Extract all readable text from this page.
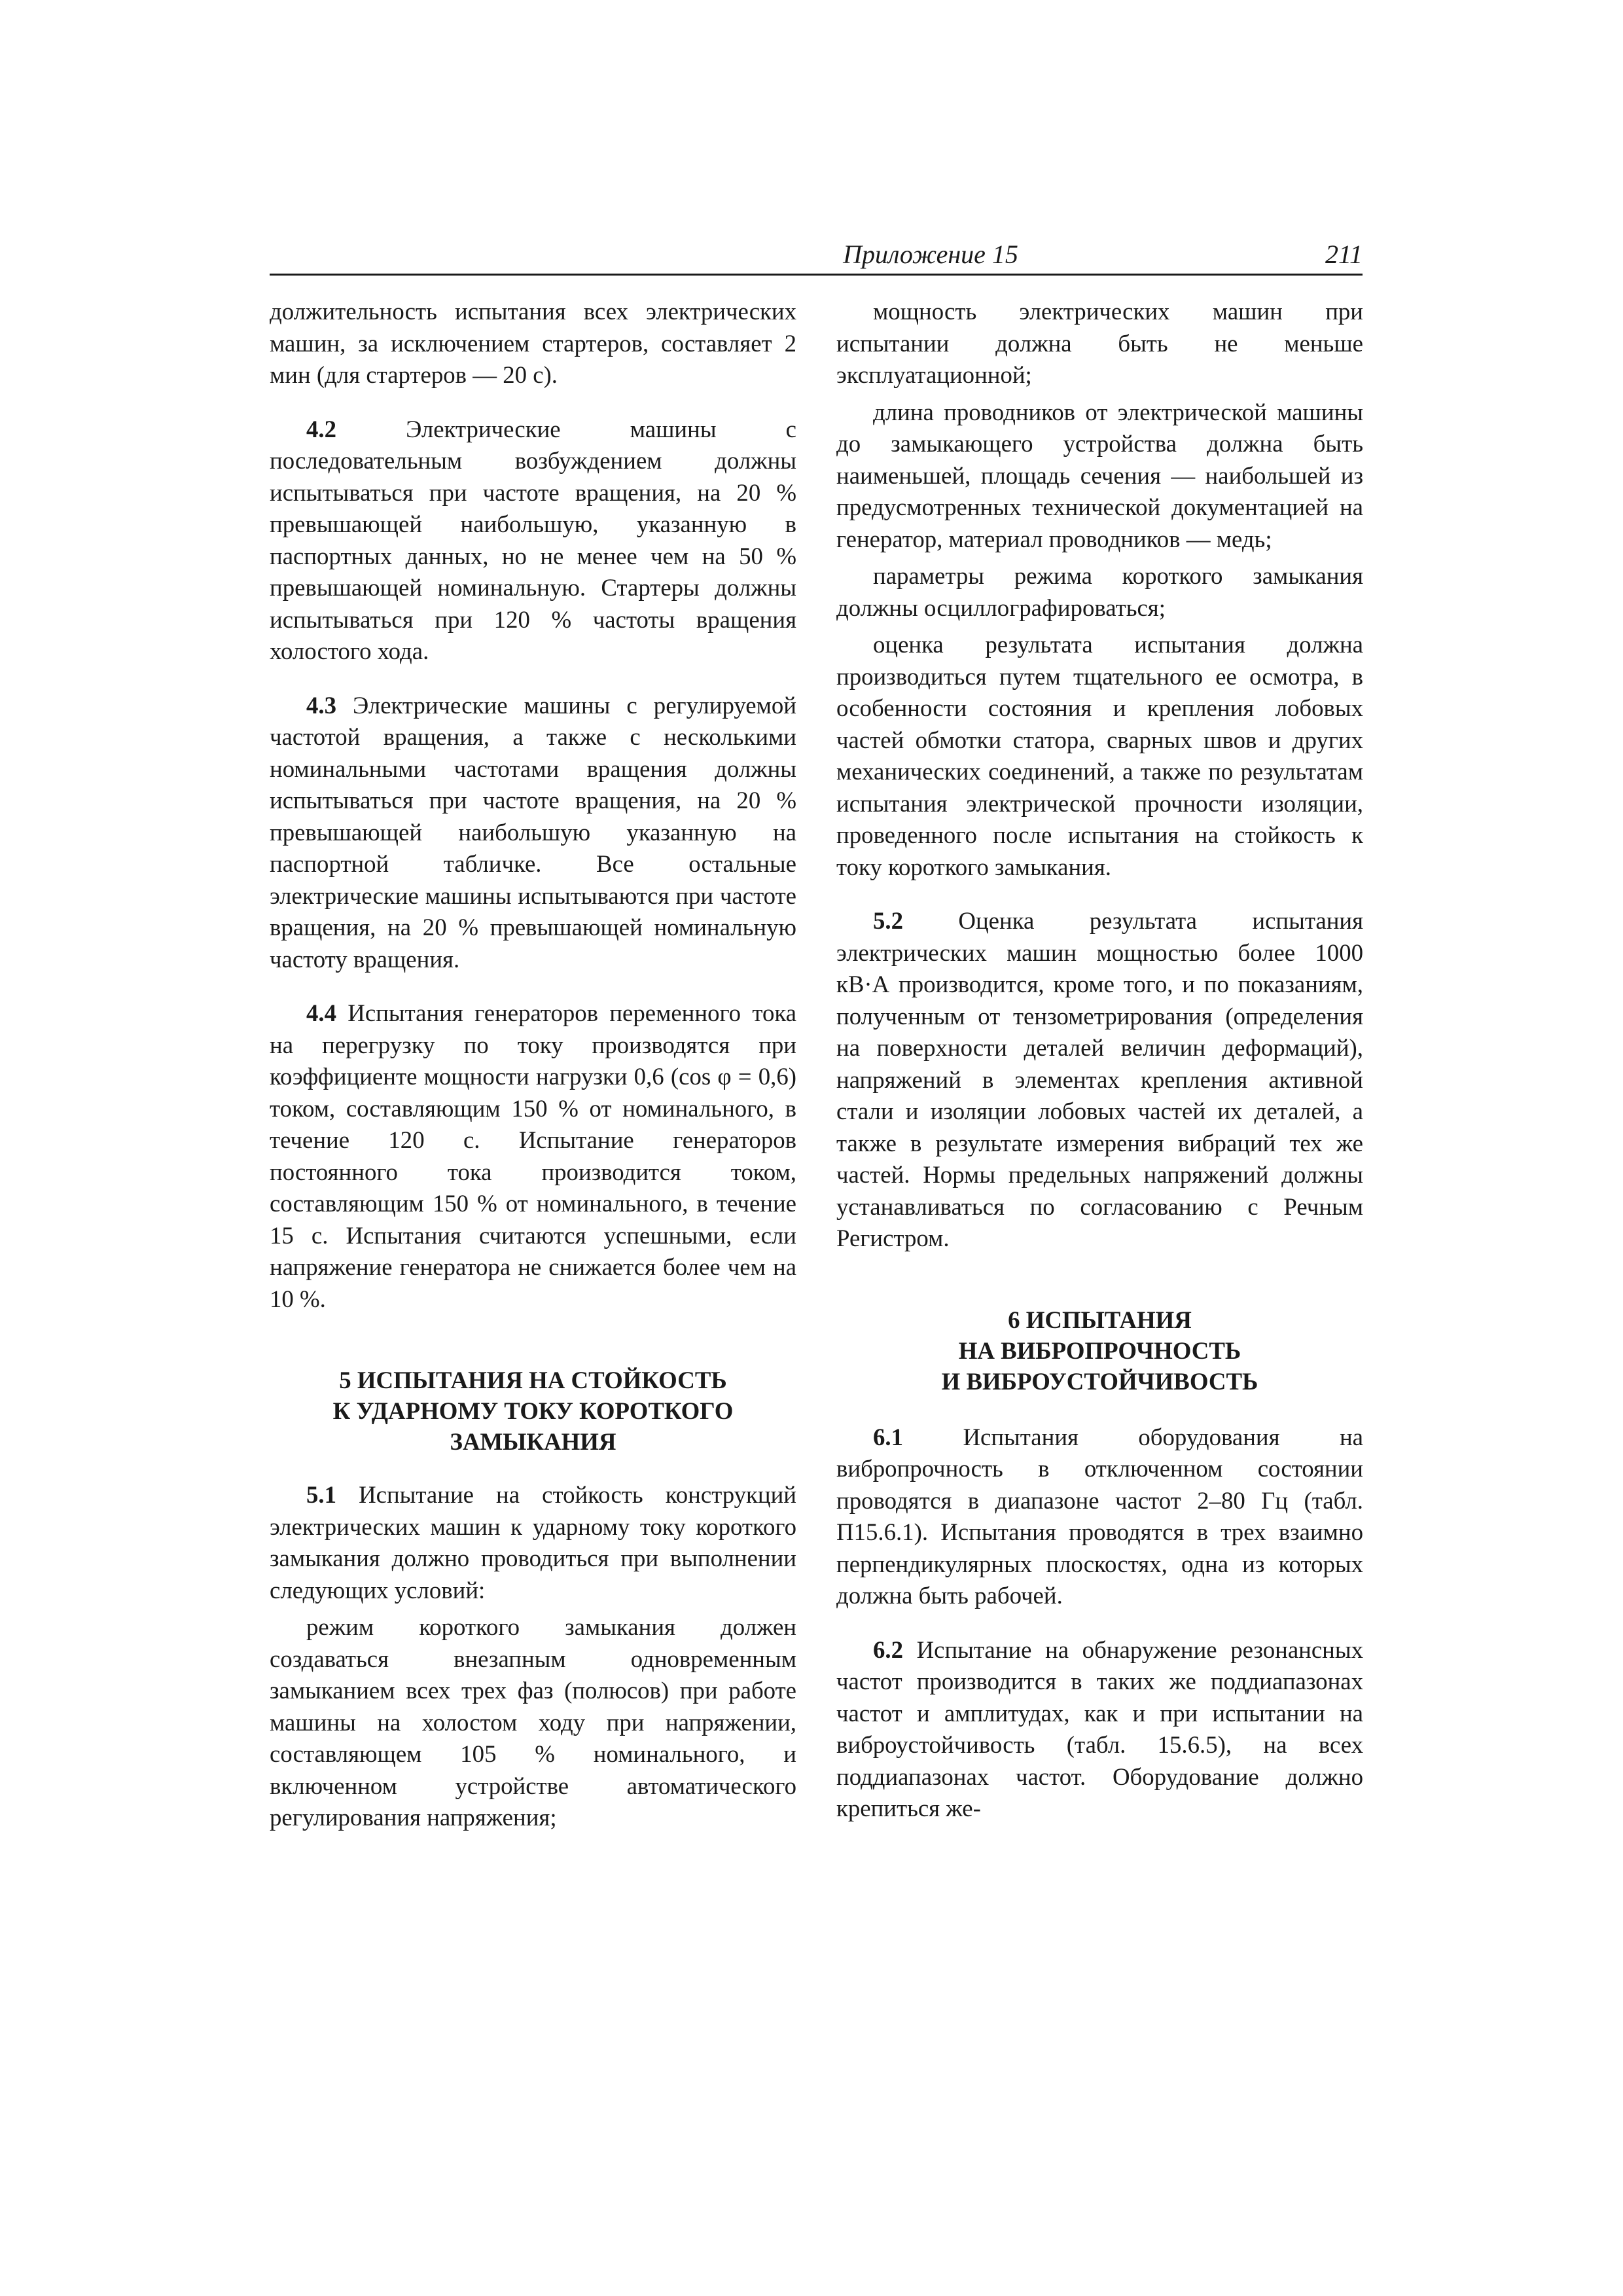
Приложение 15	211

должительность испытания всех электрических машин, за исключением стартеров, составляет 2 мин (для стартеров — 20 с).

4.2 Электрические машины с последовательным возбуждением должны испытываться при частоте вращения, на 20 % превышающей наибольшую, указанную в паспортных данных, но не менее чем на 50 % превышающей номинальную. Стартеры должны испытываться при 120 % частоты вращения холостого хода.

4.3 Электрические машины с регулируемой частотой вращения, а также с несколькими номинальными частотами вращения должны испытываться при частоте вращения, на 20 % превышающей наибольшую указанную на паспортной табличке. Все остальные электрические машины испытываются при частоте вращения, на 20 % превышающей номинальную частоту вращения.

4.4 Испытания генераторов переменного тока на перегрузку по току производятся при коэффициенте мощности нагрузки 0,6 (cos φ = 0,6) током, составляющим 150 % от номинального, в течение 120 с. Испытание генераторов постоянного тока производится током, составляющим 150 % от номинального, в течение 15 с. Испытания считаются успешными, если напряжение генератора не снижается более чем на 10 %.

5 ИСПЫТАНИЯ НА СТОЙКОСТЬ
К УДАРНОМУ ТОКУ КОРОТКОГО
ЗАМЫКАНИЯ

5.1 Испытание на стойкость конструкций электрических машин к ударному току короткого замыкания должно проводиться при выполнении следующих условий:

режим короткого замыкания должен создаваться внезапным одновременным замыканием всех трех фаз (полюсов) при работе машины на холостом ходу при напряжении, составляющем 105 % номинального, и включенном устройстве автоматического регулирования напряжения;

мощность электрических машин при испытании должна быть не меньше эксплуатационной;

длина проводников от электрической машины до замыкающего устройства должна быть наименьшей, площадь сечения — наибольшей из предусмотренных технической документацией на генератор, материал проводников — медь;

параметры режима короткого замыкания должны осциллографироваться;

оценка результата испытания должна производиться путем тщательного ее осмотра, в особенности состояния и крепления лобовых частей обмотки статора, сварных швов и других механических соединений, а также по результатам испытания электрической прочности изоляции, проведенного после испытания на стойкость к току короткого замыкания.

5.2 Оценка результата испытания электрических машин мощностью более 1000 кВ·А производится, кроме того, и по показаниям, полученным от тензометрирования (определения на поверхности деталей величин деформаций), напряжений в элементах крепления активной стали и изоляции лобовых частей их деталей, а также в результате измерения вибраций тех же частей. Нормы предельных напряжений должны устанавливаться по согласованию с Речным Регистром.

6 ИСПЫТАНИЯ
НА ВИБРОПРОЧНОСТЬ
И ВИБРОУСТОЙЧИВОСТЬ

6.1 Испытания оборудования на вибропрочность в отключенном состоянии проводятся в диапазоне частот 2–80 Гц (табл. П15.6.1). Испытания проводятся в трех взаимно перпендикулярных плоскостях, одна из которых должна быть рабочей.

6.2 Испытание на обнаружение резонансных частот производится в таких же поддиапазонах частот и амплитудах, как и при испытании на виброустойчивость (табл. 15.6.5), на всех поддиапазонах частот. Оборудование должно крепиться же-
